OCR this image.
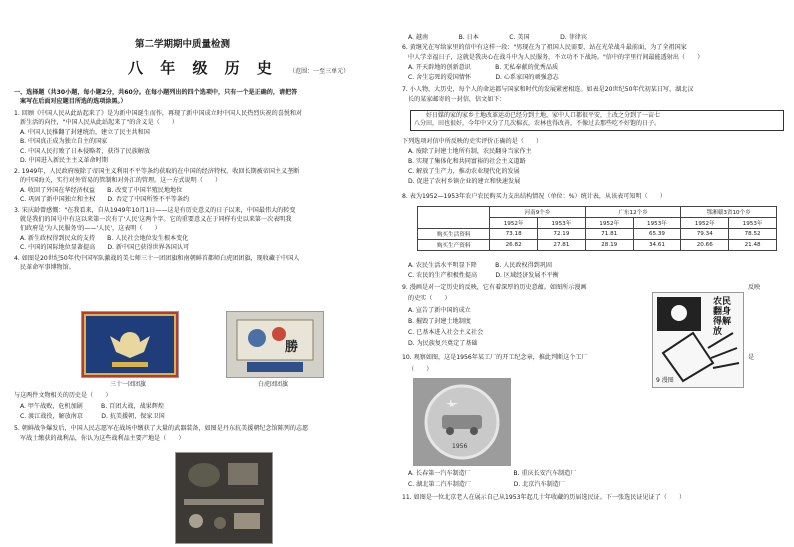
第二学期期中质量检测
八 年 级 历 史 （范围：一至三单元）
一、选择题（共30小题，每小题2分，共60分。在每小题列出的四个选项中，只有一个是正确的，请把答
案写在后面对应题目所选的选项涂黑。）
1. 回顾《中国人民从此站起来了》是为新中国诞生而作，再现了新中国成立时中国人民热烈庆祝的喜悦和对
新生活的向往，"中国人民从此站起来了"的含义是（　　）
A. 中国人民推翻了封建统治，建立了民主共和国
B. 中国真正成为独立自主的国家
C. 中国人民打败了日本侵略者，获得了民族解放
D. 中国进入新民主主义革命时期
2. 1949年，人民政府废除了帝国主义利用不平等条约获取的在中国的经济特权，收回长期被帝国主义垄断
的中国海关，实行对外贸易的管制和对外汇的管理。这一方式说明（　　）
A. 收回了外国在华经济权益　　B. 改变了中国半殖民地地位
C. 巩固了新中国独立和主权　　D. 否定了中国所签不平等条约
3. 宋庆龄曾感慨："在我看来，自从1949年10月1日——这是有历史意义的日子以来，中国最伟大的转变
就是我们的国号中有这以来第一次有了'人民'这两个字。它的重要意义在于同样有史以来第一次表明我
们政府是'为人民服务'的——'人民'，这表明（　　）
A. 新生政权得到民众的支持　　B. 人民社会地位发生根本变化
C. 中国的国际地位显著提高　　D. 新中国已获得世界各国认可
4. 如图是20世纪50年代中国军队激战的美七师三十一团团旗和南朝鲜首都师白虎团团旗，现收藏于中国人
民革命军事博物馆。
三十一团团旗
勝
白虎团团旗
与这两件文物相关的历史是（　　）
A. 甲午战败，危机加剧　　　B. 百团大战，战果辉煌
C. 渡江战役，解放南京　　　D. 抗美援朝，保家卫国
5. 朝鲜战争爆发后，中国人民志愿军在战场中缴获了大量的武器装备，如图是丹东抗美援朝纪念馆陈列的志愿
军战士缴获的战利品，你认为这些战利品主要产地是（　　）
A. 越南　　　　　B. 日本　　　　　C. 美国　　　　　D. 菲律宾
6. 黄继光在写给家里的信中有这样一段："男现在为了祖国人民需要，站在光荣战斗最前面，为了全祖国家
中人学幸福日子，这就是我决心在战斗中为人民服务，不立功不下战场。"信中的字里行间最能透射出（　　）
A. 开天辟地的创新意识　　　　B. 无私奉献的优秀品质
C. 舍生忘死的爱国情怀　　　　D. 心系家国的顽强意志
7. 小人物，大历史，每个人的命运都与国家和时代的发展紧密相连。如表是20世纪50年代初某日写，湖北汉
长的某家邮寄的一封信，信文如下：
　　好日媒的家的家乡土地改革运动已经分到土地，家中人口都很平安，土改之分到了一亩七
八分田，田也很好，今年中又分了几次棉衣，农林也得改善，不像过去那些吃不好饱的日子。
下列选项对信中所反映的史实评价正确的是（　　）
A. 废除了封建土地所有制，农民翻身当家作主
B. 实现了集体化和共同富裕的社会主义道路
C. 解放了生产力，推动农业现代化的发展
D. 促进了农村乡镇企业的建立和快速发展
8. 表为1952—1953年农户农民购买力支出结构情况（单位：%）统计表，从该表可知明（　　）
	河南9个乡		广东12个乡		鄂湘赣3省10个乡	
	1952年	1953年	1952年	1953年	1952年	1953年
购买生活资料	73.18	72.19	71.81	65.39	79.34	78.52
购买生产资料	26.82	27.81	28.19	34.61	20.66	21.48
A. 农民生活水平明显下降　　　B. 人民政权得到巩固
C. 农民的生产积极性提高　　　D. 区域经济发展不平衡
9. 漫画是对一定历史的反映，它有着深厚的历史意蕴。如图所示漫画	反映
的史实（　　）
A. 宣告了新中国的成立
B. 摧毁了封建土地制度
C. 已基本进入社会主义社会
D. 为民族复兴奠定了基础
10. 观察如图，这是1956年某工厂的开工纪念章，推此判断这个工厂	是
（　　）
农民
翻身
得解
放
9 漫图
1956
A. 长春第一汽车制造厂　　　　　　　B. 重庆长安汽车制造厂
C. 湖北第二汽车制造厂　　　　　　　D. 北京汽车制造厂
11. 如图是一位北京老人在展示自己从1953年起几十年收藏的历届选民证。下一张选民证见证了（　　）
